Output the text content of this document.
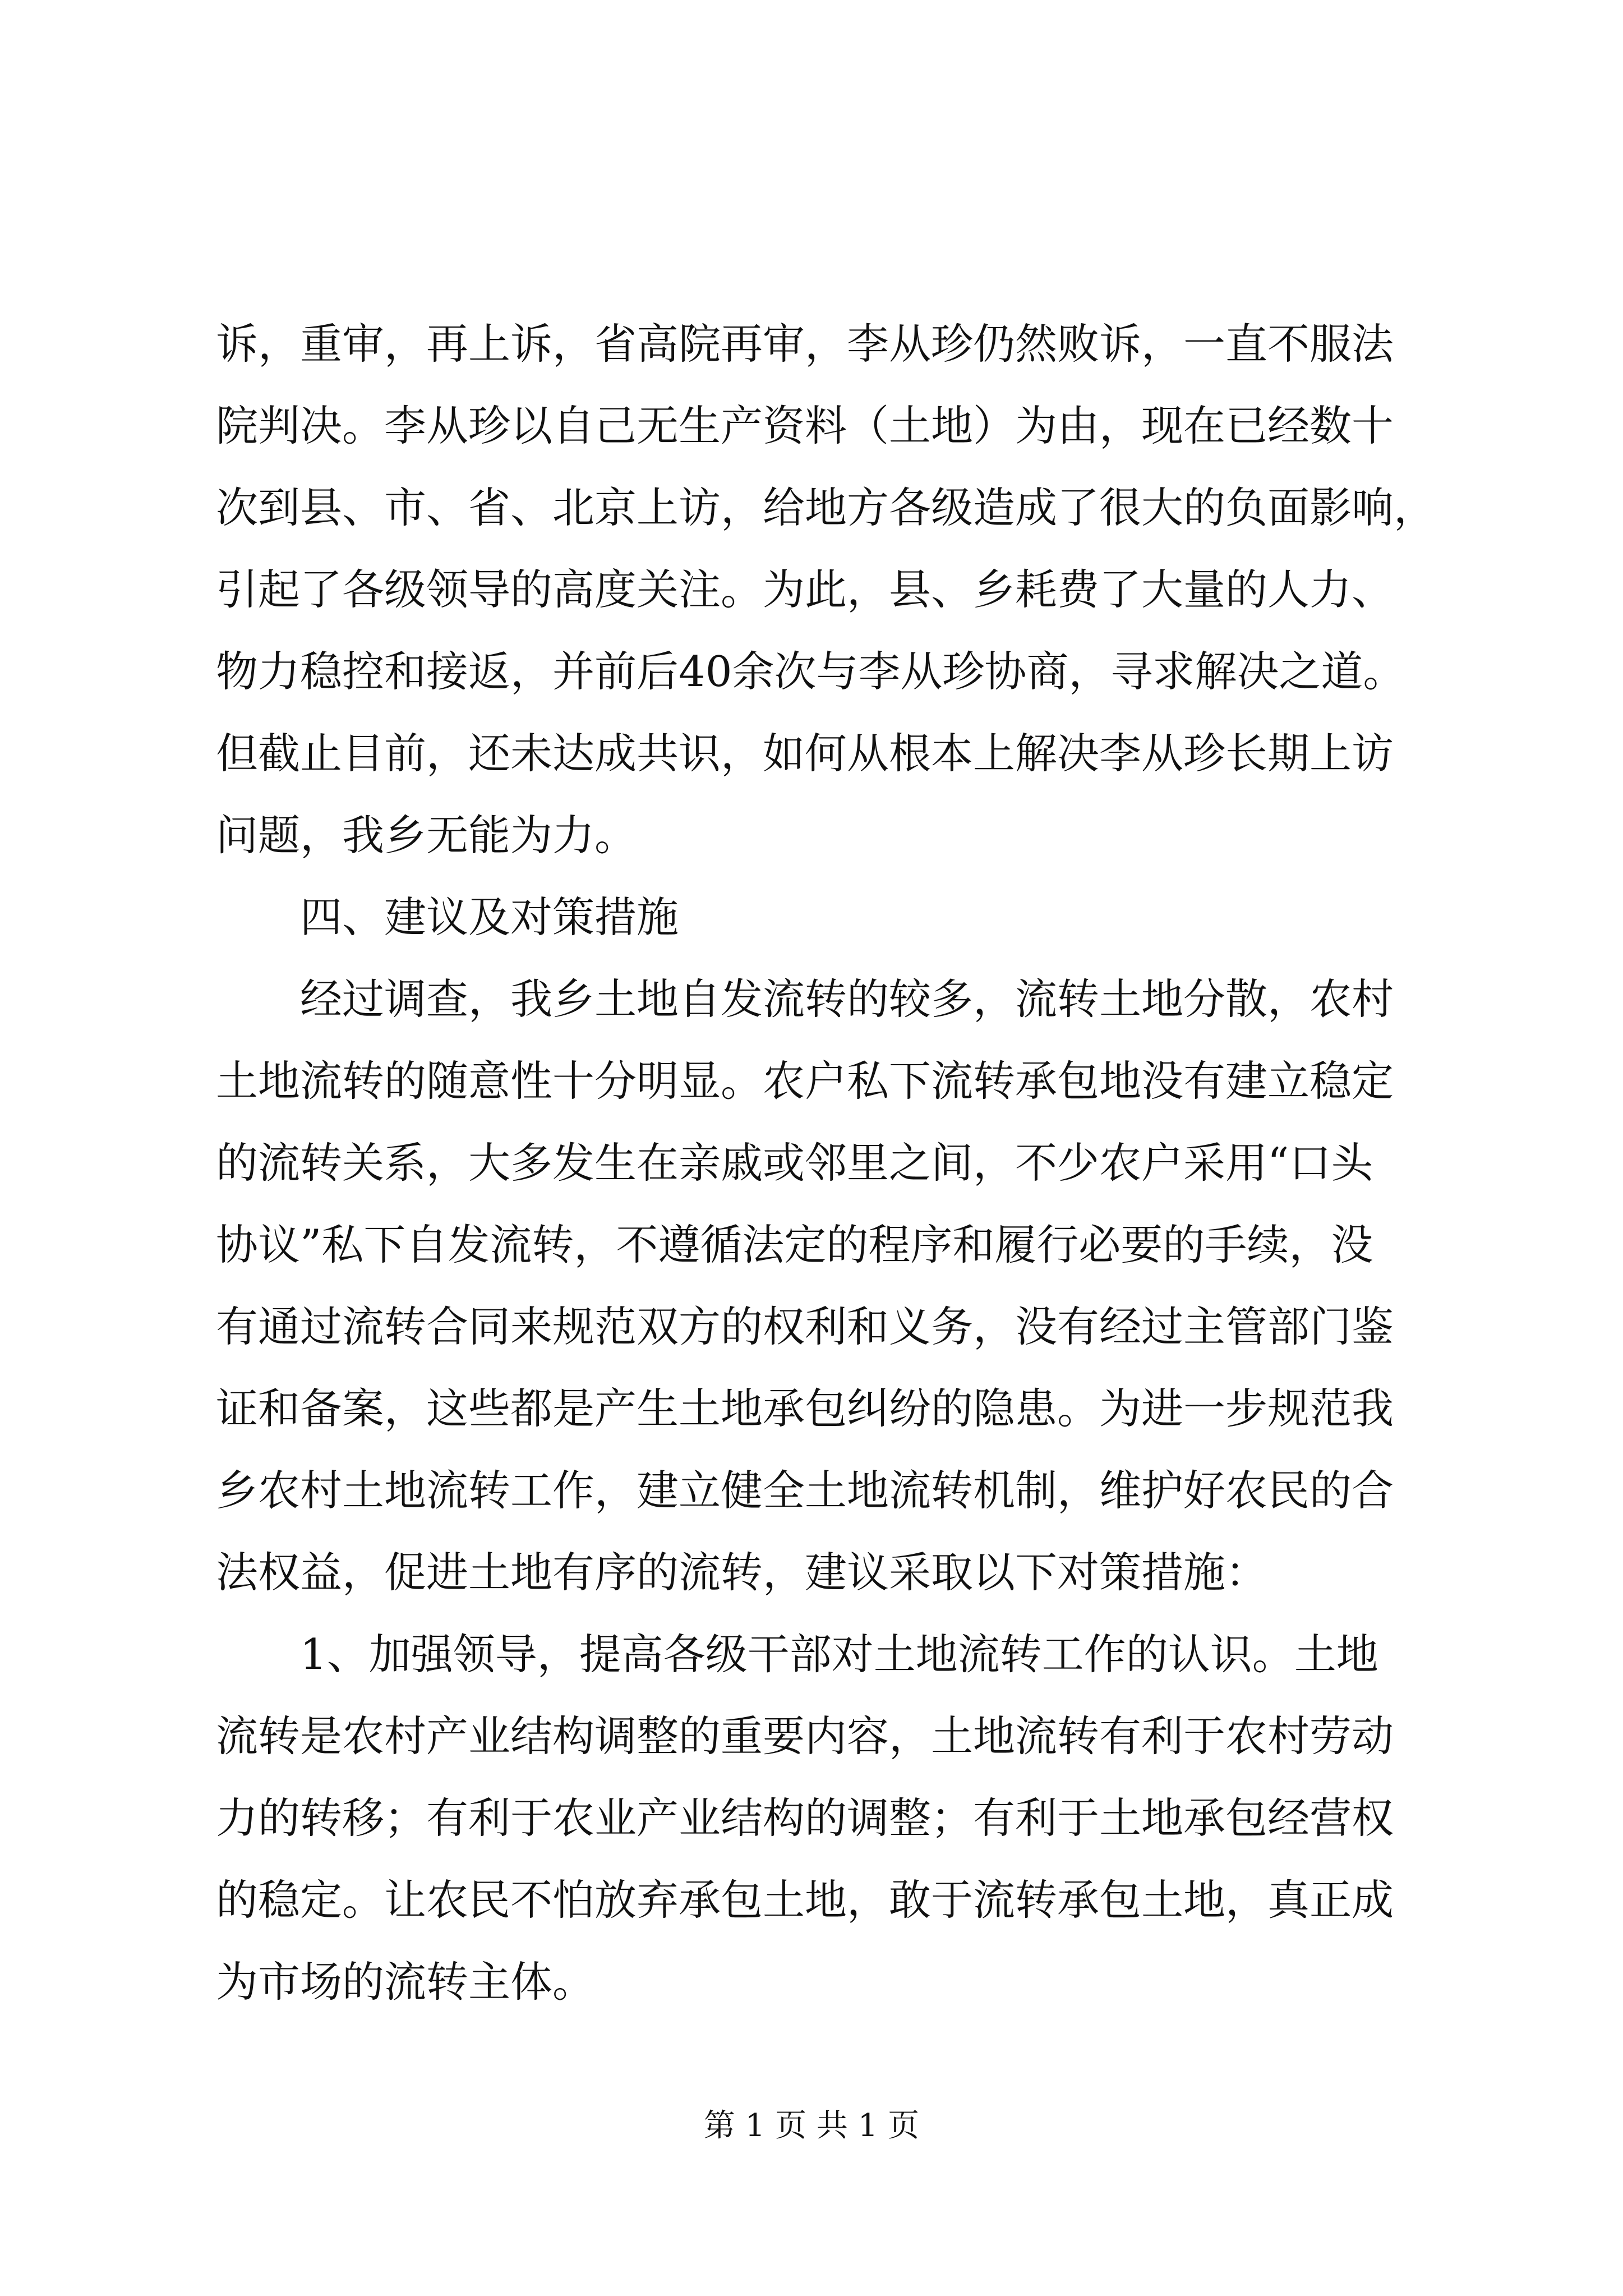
诉，重审，再上诉，省高院再审，李从珍仍然败诉，一直不服法
院判决。李从珍以自己无生产资料（土地）为由，现在已经数十
次到县、市、省、北京上访，给地方各级造成了很大的负面影响，
引起了各级领导的高度关注。为此，县、乡耗费了大量的人力、
物力稳控和接返，并前后40余次与李从珍协商，寻求解决之道。
但截止目前，还未达成共识，如何从根本上解决李从珍长期上访
问题，我乡无能为力。
四、建议及对策措施
经过调查，我乡土地自发流转的较多，流转土地分散，农村
土地流转的随意性十分明显。农户私下流转承包地没有建立稳定
的流转关系，大多发生在亲戚或邻里之间，不少农户采用“口头
协议”私下自发流转，不遵循法定的程序和履行必要的手续，没
有通过流转合同来规范双方的权利和义务，没有经过主管部门鉴
证和备案，这些都是产生土地承包纠纷的隐患。为进一步规范我
乡农村土地流转工作，建立健全土地流转机制，维护好农民的合
法权益，促进土地有序的流转，建议采取以下对策措施：
1、加强领导，提高各级干部对土地流转工作的认识。土地
流转是农村产业结构调整的重要内容，土地流转有利于农村劳动
力的转移；有利于农业产业结构的调整；有利于土地承包经营权
的稳定。让农民不怕放弃承包土地，敢于流转承包土地，真正成
为市场的流转主体。
第 1 页 共 1 页
